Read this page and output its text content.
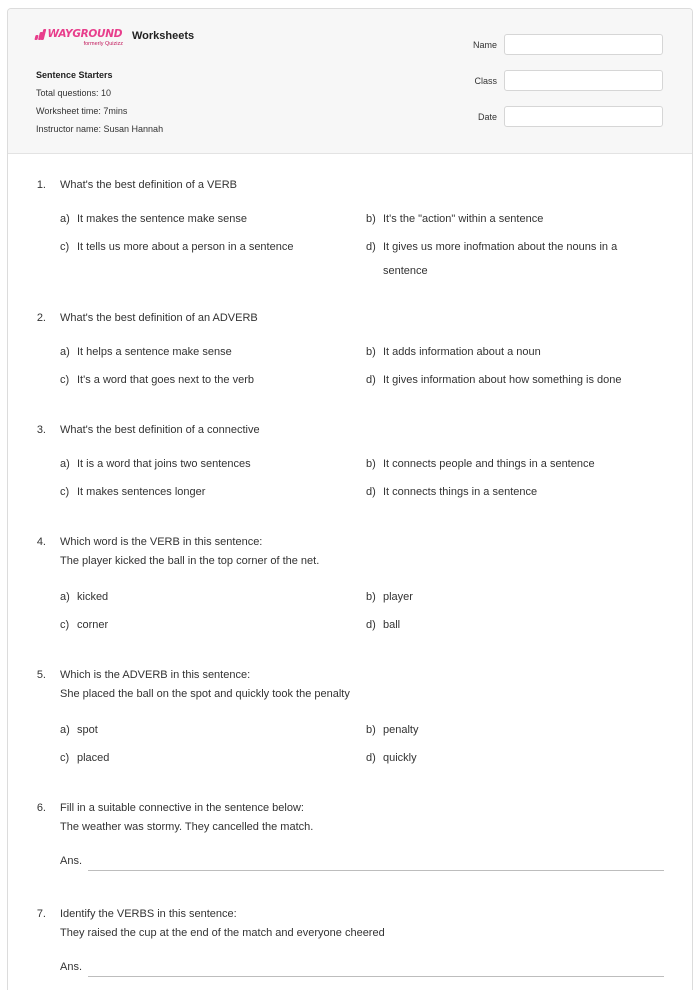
WAYGROUND
formerly Quizizz
Worksheets
Sentence Starters
Total questions: 10
Worksheet time: 7mins
Instructor name: Susan Hannah
Name
Class
Date
1. What's the best definition of a VERB
a) It makes the sentence make sense	b) It's the "action" within a sentence
c) It tells us more about a person in a sentence	d) It gives us more inofmation about the nouns in a sentence
2. What's the best definition of an ADVERB
a) It helps a sentence make sense	b) It adds information about a noun
c) It's a word that goes next to the verb	d) It gives information about how something is done
3. What's the best definition of a connective
a) It is a word that joins two sentences	b) It connects people and things in a sentence
c) It makes sentences longer	d) It connects things in a sentence
4. Which word is the VERB in this sentence:
The player kicked the ball in the top corner of the net.
a) kicked	b) player
c) corner	d) ball
5. Which is the ADVERB in this sentence:
She placed the ball on the spot and quickly took the penalty
a) spot	b) penalty
c) placed	d) quickly
6. Fill in a suitable connective in the sentence below:
The weather was stormy. They cancelled the match.
Ans.
7. Identify the VERBS in this sentence:
They raised the cup at the end of the match and everyone cheered
Ans.
